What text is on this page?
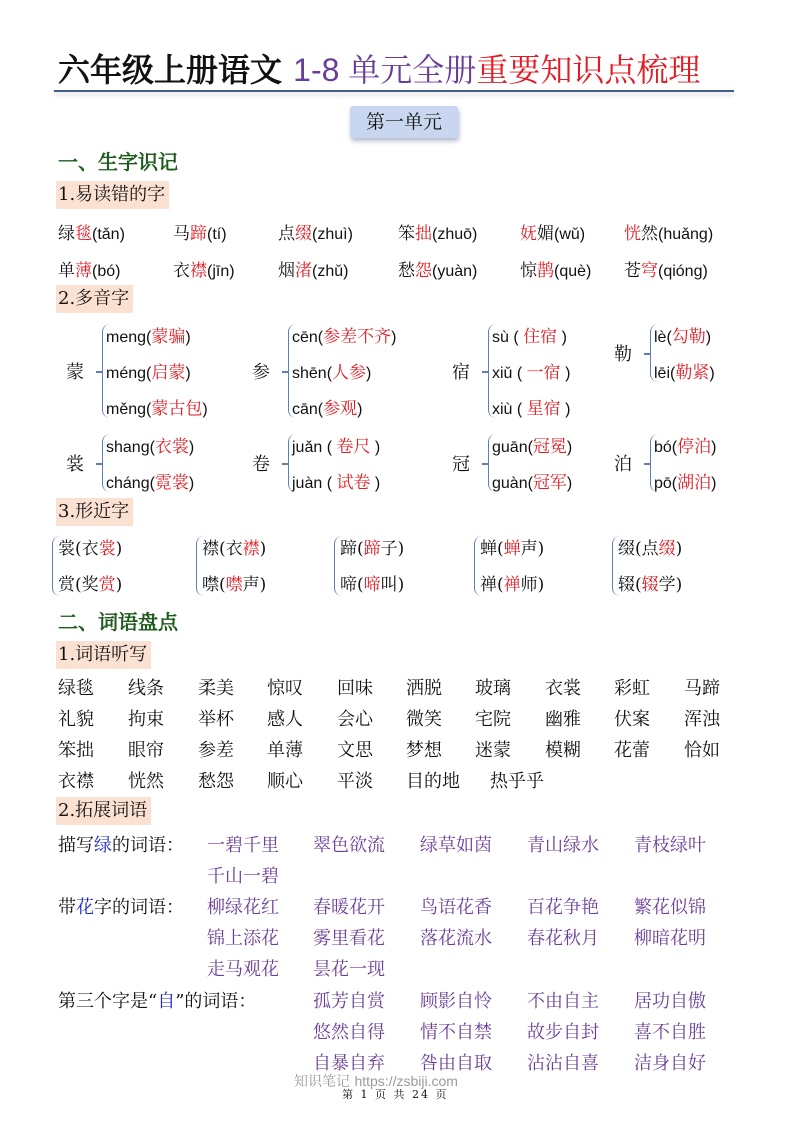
六年级上册语文 1-8 单元全册重要知识点梳理
第一单元
一、生字识记
1.易读错的字
绿毯(tǎn)	马蹄(tí)	点缀(zhuì)	笨拙(zhuō)	妩媚(wǔ) 恍然(huǎng)
单薄(bó)	衣襟(jīn)	烟渚(zhǔ)	愁怨(yuàn)	惊鹊(què) 苍穹(qióng)
2.多音字
蒙
meng(蒙骗)
méng(启蒙)
měng(蒙古包)
参
cēn(参差不齐)
shēn(人参)
cān(参观)
宿
sù ( 住宿 )
xiǔ ( 一宿 )
xiù ( 星宿 )
勒
lè(勾勒)
lēi(勒紧)
裳
shang(衣裳)
cháng(霓裳)
卷
juǎn ( 卷尺 )
juàn ( 试卷 )
冠
guān(冠冕)
guàn(冠军)
泊
bó(停泊)
pō(湖泊)
3.形近字
裳(衣裳)
赏(奖赏)
襟(衣襟)
噤(噤声)
蹄(蹄子)
啼(啼叫)
蝉(蝉声)
禅(禅师)
缀(点缀)
辍(辍学)
二、词语盘点
1.词语听写
绿毯 线条 柔美 惊叹 回味 洒脱 玻璃 衣裳 彩虹 马蹄
礼貌 拘束 举杯 感人 会心 微笑 宅院 幽雅 伏案 浑浊
笨拙 眼帘 参差 单薄 文思 梦想 迷蒙 模糊 花蕾 恰如
衣襟 恍然 愁怨 顺心 平淡 目的地 热乎乎
2.拓展词语
描写绿的词语： 一碧千里 翠色欲流 绿草如茵 青山绿水 青枝绿叶
千山一碧
带花字的词语： 柳绿花红 春暖花开 鸟语花香 百花争艳 繁花似锦
锦上添花 雾里看花 落花流水 春花秋月 柳暗花明
走马观花 昙花一现
第三个字是“自”的词语：	孤芳自赏 顾影自怜 不由自主 居功自傲
悠然自得 情不自禁 故步自封 喜不自胜
自暴自弃 咎由自取 沾沾自喜 洁身自好
知识笔记 https://zsbiji.com
第 1 页 共 24 页
